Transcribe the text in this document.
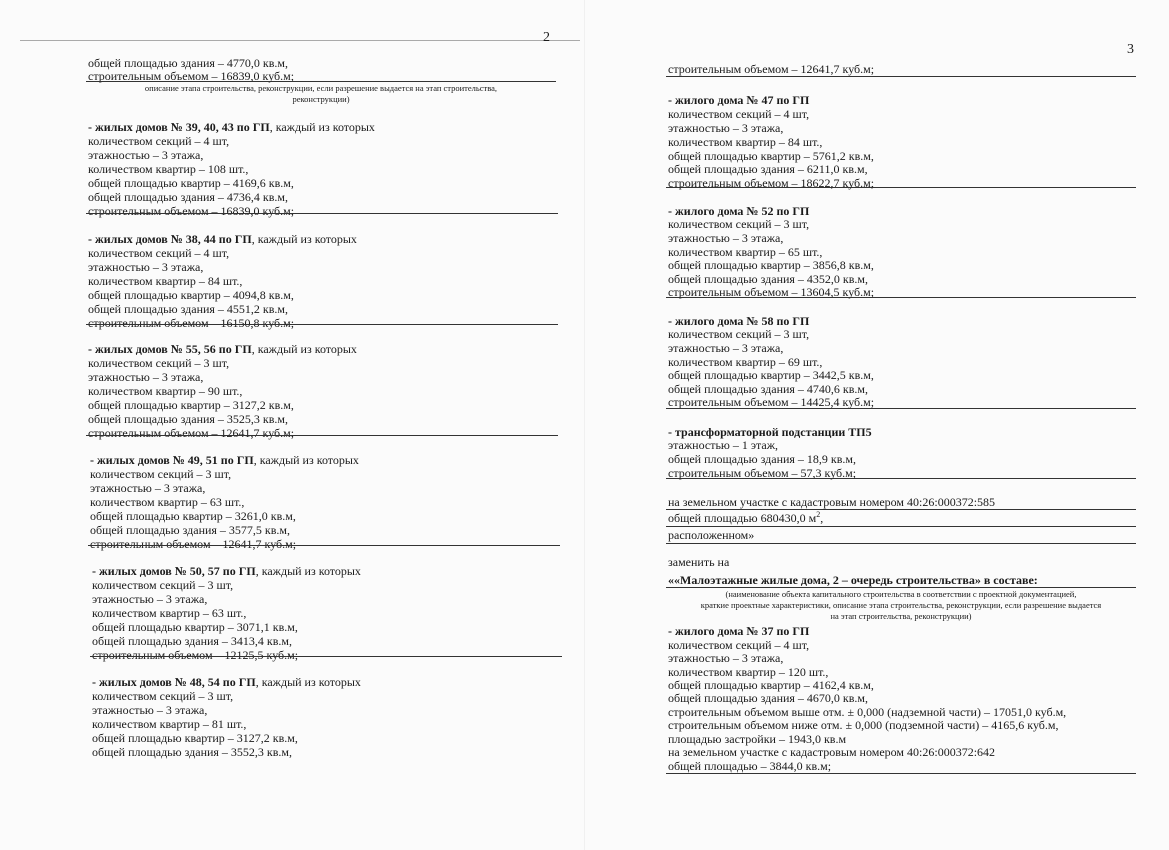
2
общей площадью здания – 4770,0 кв.м,
строительным объемом – 16839,0 куб.м;
описание этапа строительства, реконструкции, если разрешение выдается на этап строительства,
реконструкции)
- жилых домов № 39, 40, 43 по ГП, каждый из которых
количеством секций – 4 шт,
этажностью – 3 этажа,
количеством квартир – 108 шт.,
общей площадью квартир – 4169,6 кв.м,
общей площадью здания – 4736,4 кв.м,
строительным объемом – 16839,0 куб.м;
- жилых домов № 38, 44 по ГП, каждый из которых
количеством секций – 4 шт,
этажностью – 3 этажа,
количеством квартир – 84 шт.,
общей площадью квартир – 4094,8 кв.м,
общей площадью здания – 4551,2 кв.м,
строительным объемом – 16150,8 куб.м;
- жилых домов № 55, 56 по ГП, каждый из которых
количеством секций – 3 шт,
этажностью – 3 этажа,
количеством квартир – 90 шт.,
общей площадью квартир – 3127,2 кв.м,
общей площадью здания – 3525,3 кв.м,
строительным объемом – 12641,7 куб.м;
- жилых домов № 49, 51 по ГП, каждый из которых
количеством секций – 3 шт,
этажностью – 3 этажа,
количеством квартир – 63 шт.,
общей площадью квартир – 3261,0 кв.м,
общей площадью здания – 3577,5 кв.м,
строительным объемом – 12641,7 куб.м;
- жилых домов № 50, 57 по ГП, каждый из которых
количеством секций – 3 шт,
этажностью – 3 этажа,
количеством квартир – 63 шт.,
общей площадью квартир – 3071,1 кв.м,
общей площадью здания – 3413,4 кв.м,
строительным объемом – 12125,5 куб.м;
- жилых домов № 48, 54 по ГП, каждый из которых
количеством секций – 3 шт,
этажностью – 3 этажа,
количеством квартир – 81 шт.,
общей площадью квартир – 3127,2 кв.м,
общей площадью здания – 3552,3 кв.м,
3
строительным объемом – 12641,7 куб.м;
- жилого дома № 47 по ГП
количеством секций – 4 шт,
этажностью – 3 этажа,
количеством квартир – 84 шт.,
общей площадью квартир – 5761,2 кв.м,
общей площадью здания – 6211,0 кв.м,
строительным объемом – 18622,7 куб.м;
- жилого дома № 52 по ГП
количеством секций – 3 шт,
этажностью – 3 этажа,
количеством квартир – 65 шт.,
общей площадью квартир – 3856,8 кв.м,
общей площадью здания – 4352,0 кв.м,
строительным объемом – 13604,5 куб.м;
- жилого дома № 58 по ГП
количеством секций – 3 шт,
этажностью – 3 этажа,
количеством квартир – 69 шт.,
общей площадью квартир – 3442,5 кв.м,
общей площадью здания – 4740,6 кв.м,
строительным объемом – 14425,4 куб.м;
- трансформаторной подстанции ТП5
этажностью – 1 этаж,
общей площадью здания – 18,9 кв.м,
строительным объемом – 57,3 куб.м;
на земельном участке с кадастровым номером 40:26:000372:585
общей площадью 680430,0 $м^2$,
расположенном»
заменить на
««Малоэтажные жилые дома, 2 – очередь строительства» в составе:
(наименование объекта капитального строительства в соответствии с проектной документацией,
краткие проектные характеристики, описание этапа строительства, реконструкции, если разрешение выдается
на этап строительства, реконструкции)
- жилого дома № 37 по ГП
количеством секций – 4 шт,
этажностью – 3 этажа,
количеством квартир – 120 шт.,
общей площадью квартир – 4162,4 кв.м,
общей площадью здания – 4670,0 кв.м,
строительным объемом выше отм. ± 0,000 (надземной части) – 17051,0 куб.м,
строительным объемом ниже отм. ± 0,000 (подземной части) – 4165,6 куб.м,
площадью застройки – 1943,0 кв.м
на земельном участке с кадастровым номером 40:26:000372:642
общей площадью – 3844,0 кв.м;
